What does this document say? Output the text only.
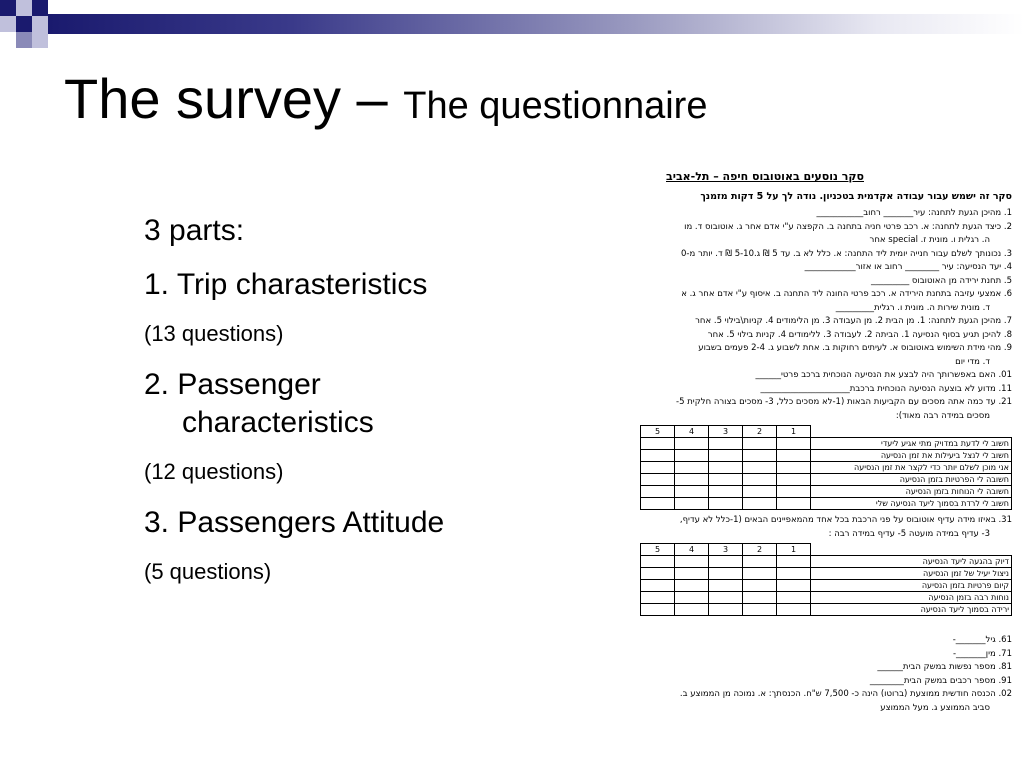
The survey – The questionnaire
3 parts:
1. Trip charasteristics
(13 questions)
2. Passenger
characteristics
(12 questions)
3. Passengers Attitude
(5 questions)
סקר נוסעים באוטובוס חיפה – תל-אביב
סקר זה ישמש עבור עבודה אקדמית בטכניון. נודה לך על 5 דקות מזמנך
1. מהיכן הגעת לתחנה: עיר_______ רחוב___________
2. כיצד הגעת לתחנה: א. רכב פרטי חניה בתחנה ב. הקפצה ע"י אדם אחר ג. אוטובוס ד. מו
ה. רגלית ו. מונית ז. special אחר
3. נכונותך לשלם עבור חנייה יומית ליד התחנה: א. כלל לא ב. עד 5 ₪ ג.5-10 ₪ ד. יותר מ-0
4. יעד הנסיעה: עיר ________ רחוב או אזור____________
5. תחנת ירידה מן האוטובוס _________
6. אמצעי עזיבה בתחנת הירידה א. רכב פרטי החונה ליד התחנה ב. איסוף ע"י אדם אחר ג. א
ד. מונית שירות ה. מונית ו. רגלית_________
7. מהיכן הגעת לתחנה: 1. מן הבית 2. מן העבודה 3. מן הלימודים 4. קניות\בילוי 5. אחר
8. להיכן תגיע בסוף הנסיעה 1. הביתה 2. לעבודה 3. ללימודים 4. קניות בילוי 5. אחר
9. מהי מידת השימוש באוטובוס א. לעיתים רחוקות ב. אחת לשבוע ג. 2-4 פעמים בשבוע
ד. מדי יום
01. האם באפשרותך היה לבצע את הנסיעה הנוכחית ברכב פרטי______
11. מדוע לא בוצעה הנסיעה הנוכחית ברכבת_____________________
21. עד כמה אתה מסכים עם הקביעות הבאות (1-לא מסכים כלל, 3- מסכים בצורה חלקית 5-
מסכים במידה רבה מאוד):
	1	2	3	4	5
חשוב לי לדעת במדויק מתי אגיע ליעדי					
חשוב לי לנצל ביעילות את זמן הנסיעה					
אני מוכן לשלם יותר כדי לקצר את זמן הנסיעה					
חשובה לי הפרטיות בזמן הנסיעה					
חשובה לי הנוחות בזמן הנסיעה					
חשוב לי לרדת בסמוך ליעד הנסיעה שלי					
31. באיזו מידה עדיף אוטובוס על פני הרכבת בכל אחד מהמאפיינים הבאים (1-כלל לא עדיף,
3- עדיף במידה מועטה 5- עדיף במידה רבה :
	1	2	3	4	5
דיוק בהגעה ליעד הנסיעה					
ניצול יעיל של זמן הנסיעה					
קיום פרטיות בזמן הנסיעה					
נוחות רבה בזמן הנסיעה					
ירידה בסמוך ליעד הנסיעה					
61. גיל_______-
71. מין_______-
81. מספר נפשות במשק הבית______
91. מספר רכבים במשק הבית________
02. הכנסה חודשית ממוצעת (ברוטו) הינה כ- 7,500 ש"ח. הכנסתך: א. נמוכה מן הממוצע ב.
סביב הממוצע ג. מעל הממוצע
